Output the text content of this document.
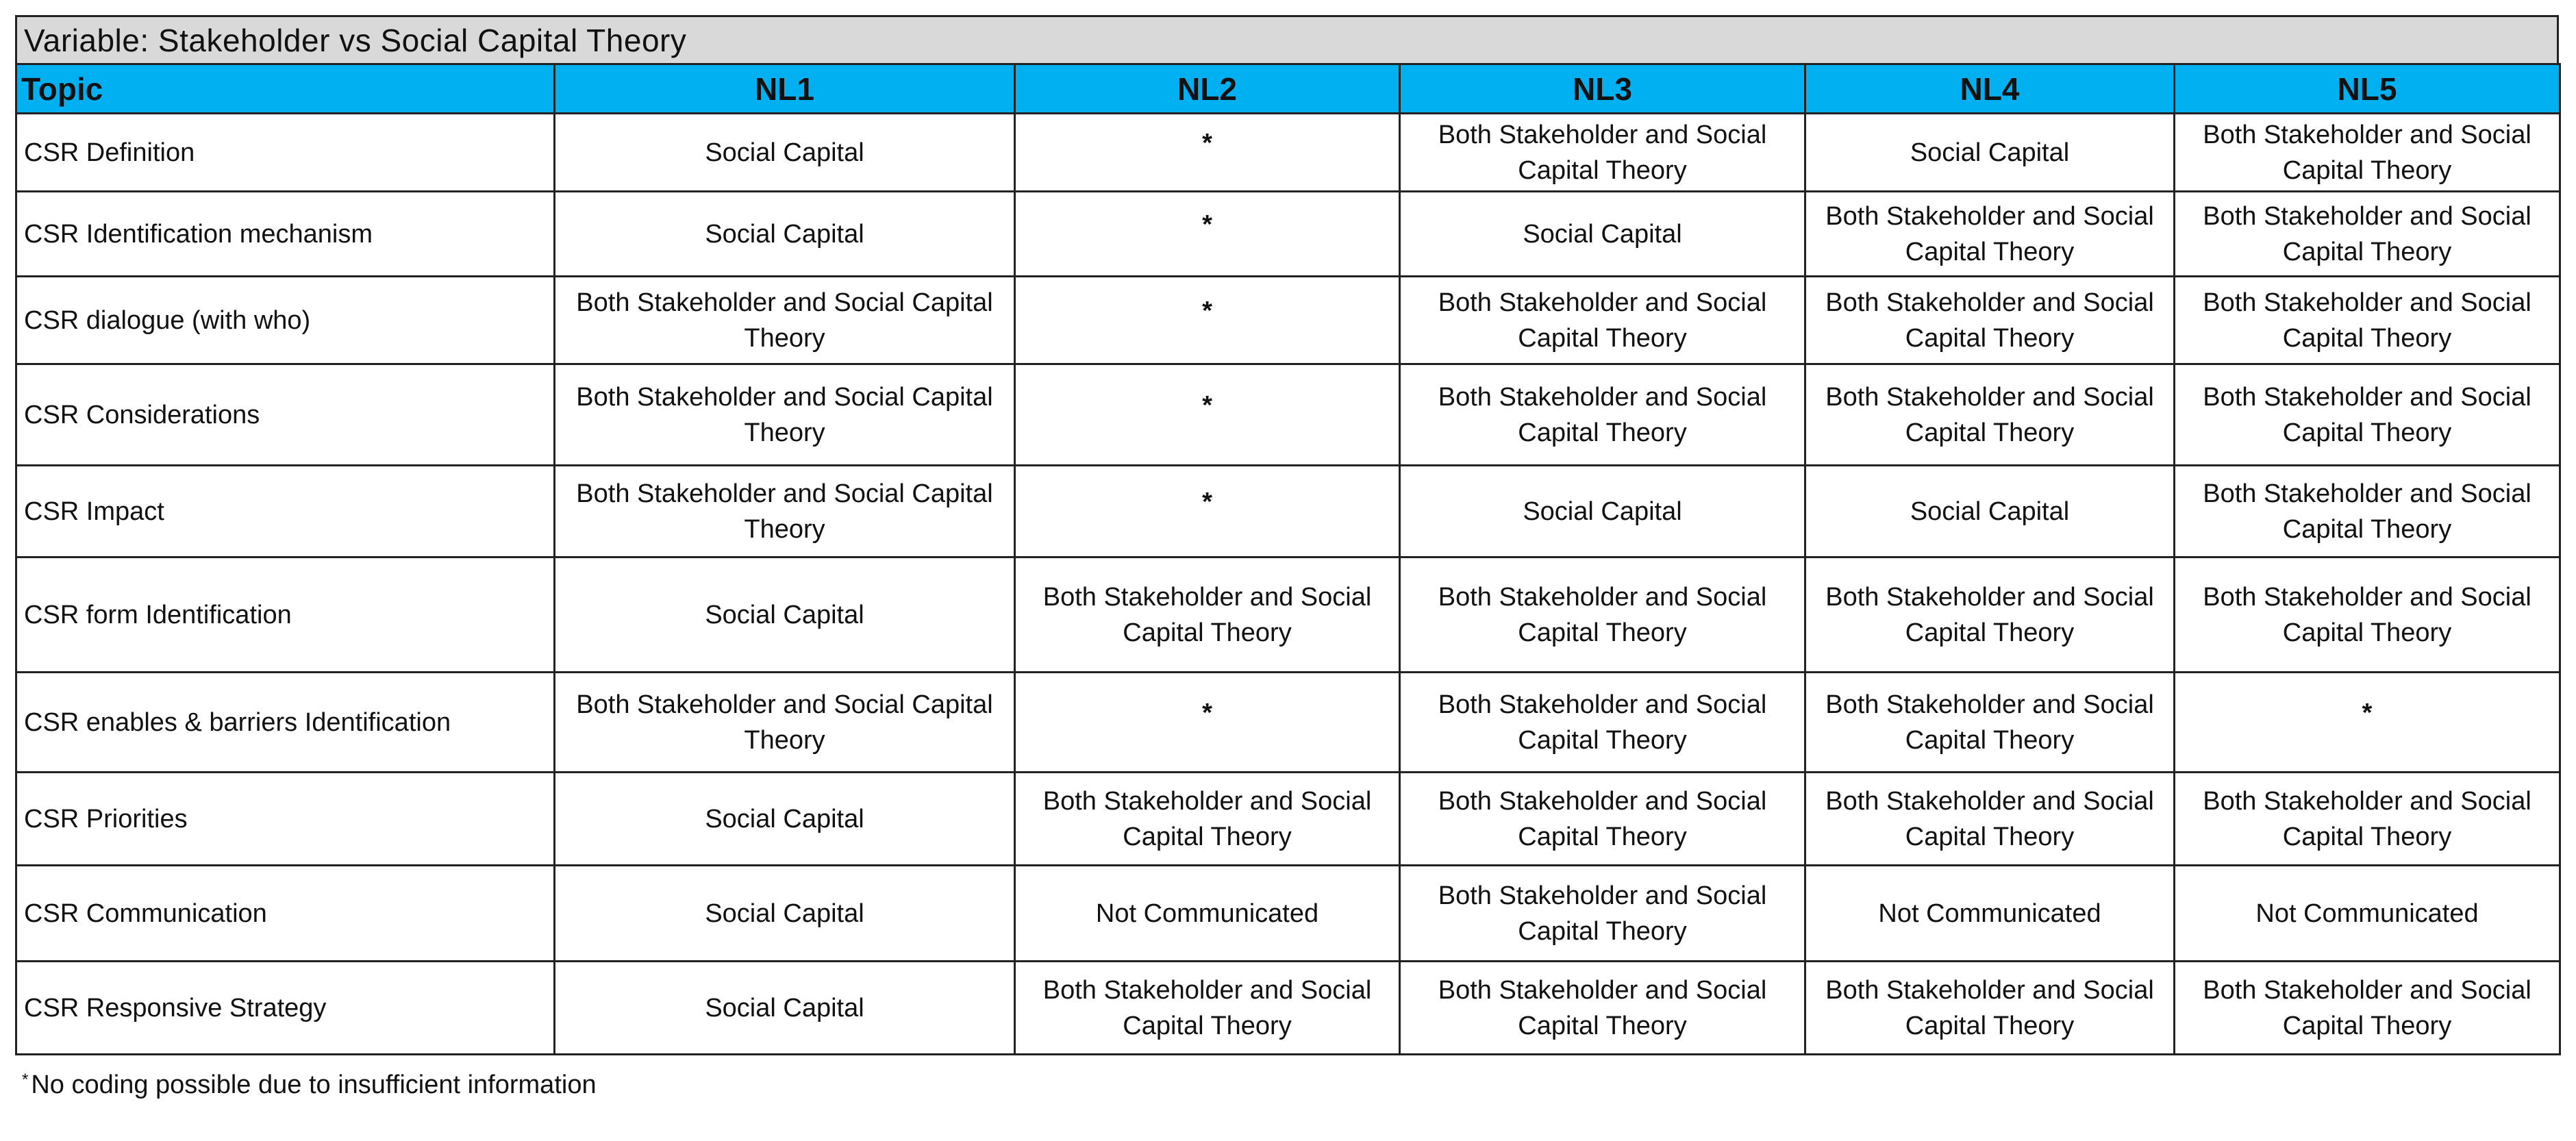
Variable: Stakeholder vs Social Capital Theory
Topic	NL1	NL2	NL3	NL4	NL5
CSR Definition	Social Capital	*	Both Stakeholder and Social Capital Theory	Social Capital	Both Stakeholder and Social Capital Theory
CSR Identification mechanism	Social Capital	*	Social Capital	Both Stakeholder and Social Capital Theory	Both Stakeholder and Social Capital Theory
CSR dialogue (with who)	Both Stakeholder and Social Capital Theory	*	Both Stakeholder and Social Capital Theory	Both Stakeholder and Social Capital Theory	Both Stakeholder and Social Capital Theory
CSR Considerations	Both Stakeholder and Social Capital Theory	*	Both Stakeholder and Social Capital Theory	Both Stakeholder and Social Capital Theory	Both Stakeholder and Social Capital Theory
CSR Impact	Both Stakeholder and Social Capital Theory	*	Social Capital	Social Capital	Both Stakeholder and Social Capital Theory
CSR form Identification	Social Capital	Both Stakeholder and Social Capital Theory	Both Stakeholder and Social Capital Theory	Both Stakeholder and Social Capital Theory	Both Stakeholder and Social Capital Theory
CSR enables & barriers Identification	Both Stakeholder and Social Capital Theory	*	Both Stakeholder and Social Capital Theory	Both Stakeholder and Social Capital Theory	*
CSR Priorities	Social Capital	Both Stakeholder and Social Capital Theory	Both Stakeholder and Social Capital Theory	Both Stakeholder and Social Capital Theory	Both Stakeholder and Social Capital Theory
CSR Communication	Social Capital	Not Communicated	Both Stakeholder and Social Capital Theory	Not Communicated	Not Communicated
CSR Responsive Strategy	Social Capital	Both Stakeholder and Social Capital Theory	Both Stakeholder and Social Capital Theory	Both Stakeholder and Social Capital Theory	Both Stakeholder and Social Capital Theory
* No coding possible due to insufficient information
